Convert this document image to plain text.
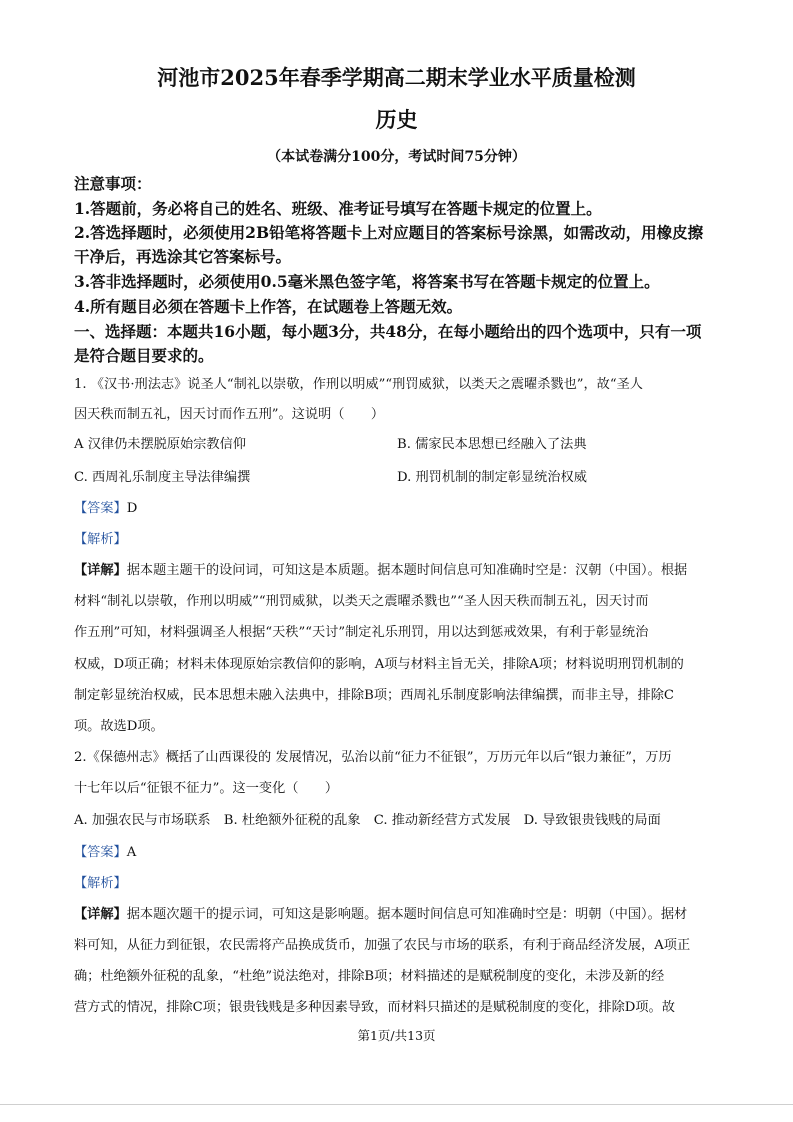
河池市2025年春季学期高二期末学业水平质量检测
历史
（本试卷满分100分，考试时间75分钟）
注意事项：
1.答题前，务必将自己的姓名、班级、准考证号填写在答题卡规定的位置上。
2.答选择题时，必须使用2B铅笔将答题卡上对应题目的答案标号涂黑，如需改动，用橡皮擦
干净后，再选涂其它答案标号。
3.答非选择题时，必须使用0.5毫米黑色签字笔，将答案书写在答题卡规定的位置上。
4.所有题目必须在答题卡上作答，在试题卷上答题无效。
一、选择题：本题共16小题，每小题3分，共48分，在每小题给出的四个选项中，只有一项
是符合题目要求的。
1. 《汉书·刑法志》说圣人“制礼以崇敬，作刑以明威”“刑罚威狱，以类天之震曜杀戮也”，故“圣人
因天秩而制五礼，因天讨而作五刑”。这说明（　　）
A 汉律仍未摆脱原始宗教信仰	B. 儒家民本思想已经融入了法典
C. 西周礼乐制度主导法律编撰	D. 刑罚机制的制定彰显统治权威
【答案】D
【解析】
【详解】据本题主题干的设问词，可知这是本质题。据本题时间信息可知准确时空是：汉朝（中国）。根据
材料“制礼以崇敬，作刑以明威”“刑罚威狱，以类天之震曜杀戮也”“圣人因天秩而制五礼，因天讨而
作五刑”可知，材料强调圣人根据“天秩”“天讨”制定礼乐刑罚，用以达到惩戒效果，有利于彰显统治
权威，D项正确；材料未体现原始宗教信仰的影响，A项与材料主旨无关，排除A项；材料说明刑罚机制的
制定彰显统治权威，民本思想未融入法典中，排除B项；西周礼乐制度影响法律编撰，而非主导，排除C
项。故选D项。
2.《保德州志》概括了山西课役的 发展情况，弘治以前“征力不征银”，万历元年以后“银力兼征”，万历
十七年以后“征银不征力”。这一变化（　　）
A. 加强农民与市场联系　B. 杜绝额外征税的乱象　C. 推动新经营方式发展　D. 导致银贵钱贱的局面
【答案】A
【解析】
【详解】据本题次题干的提示词，可知这是影响题。据本题时间信息可知准确时空是：明朝（中国）。据材
料可知，从征力到征银，农民需将产品换成货币，加强了农民与市场的联系，有利于商品经济发展，A项正
确；杜绝额外征税的乱象，“杜绝”说法绝对，排除B项；材料描述的是赋税制度的变化，未涉及新的经
营方式的情况，排除C项；银贵钱贱是多种因素导致，而材料只描述的是赋税制度的变化，排除D项。故
第1页/共13页
